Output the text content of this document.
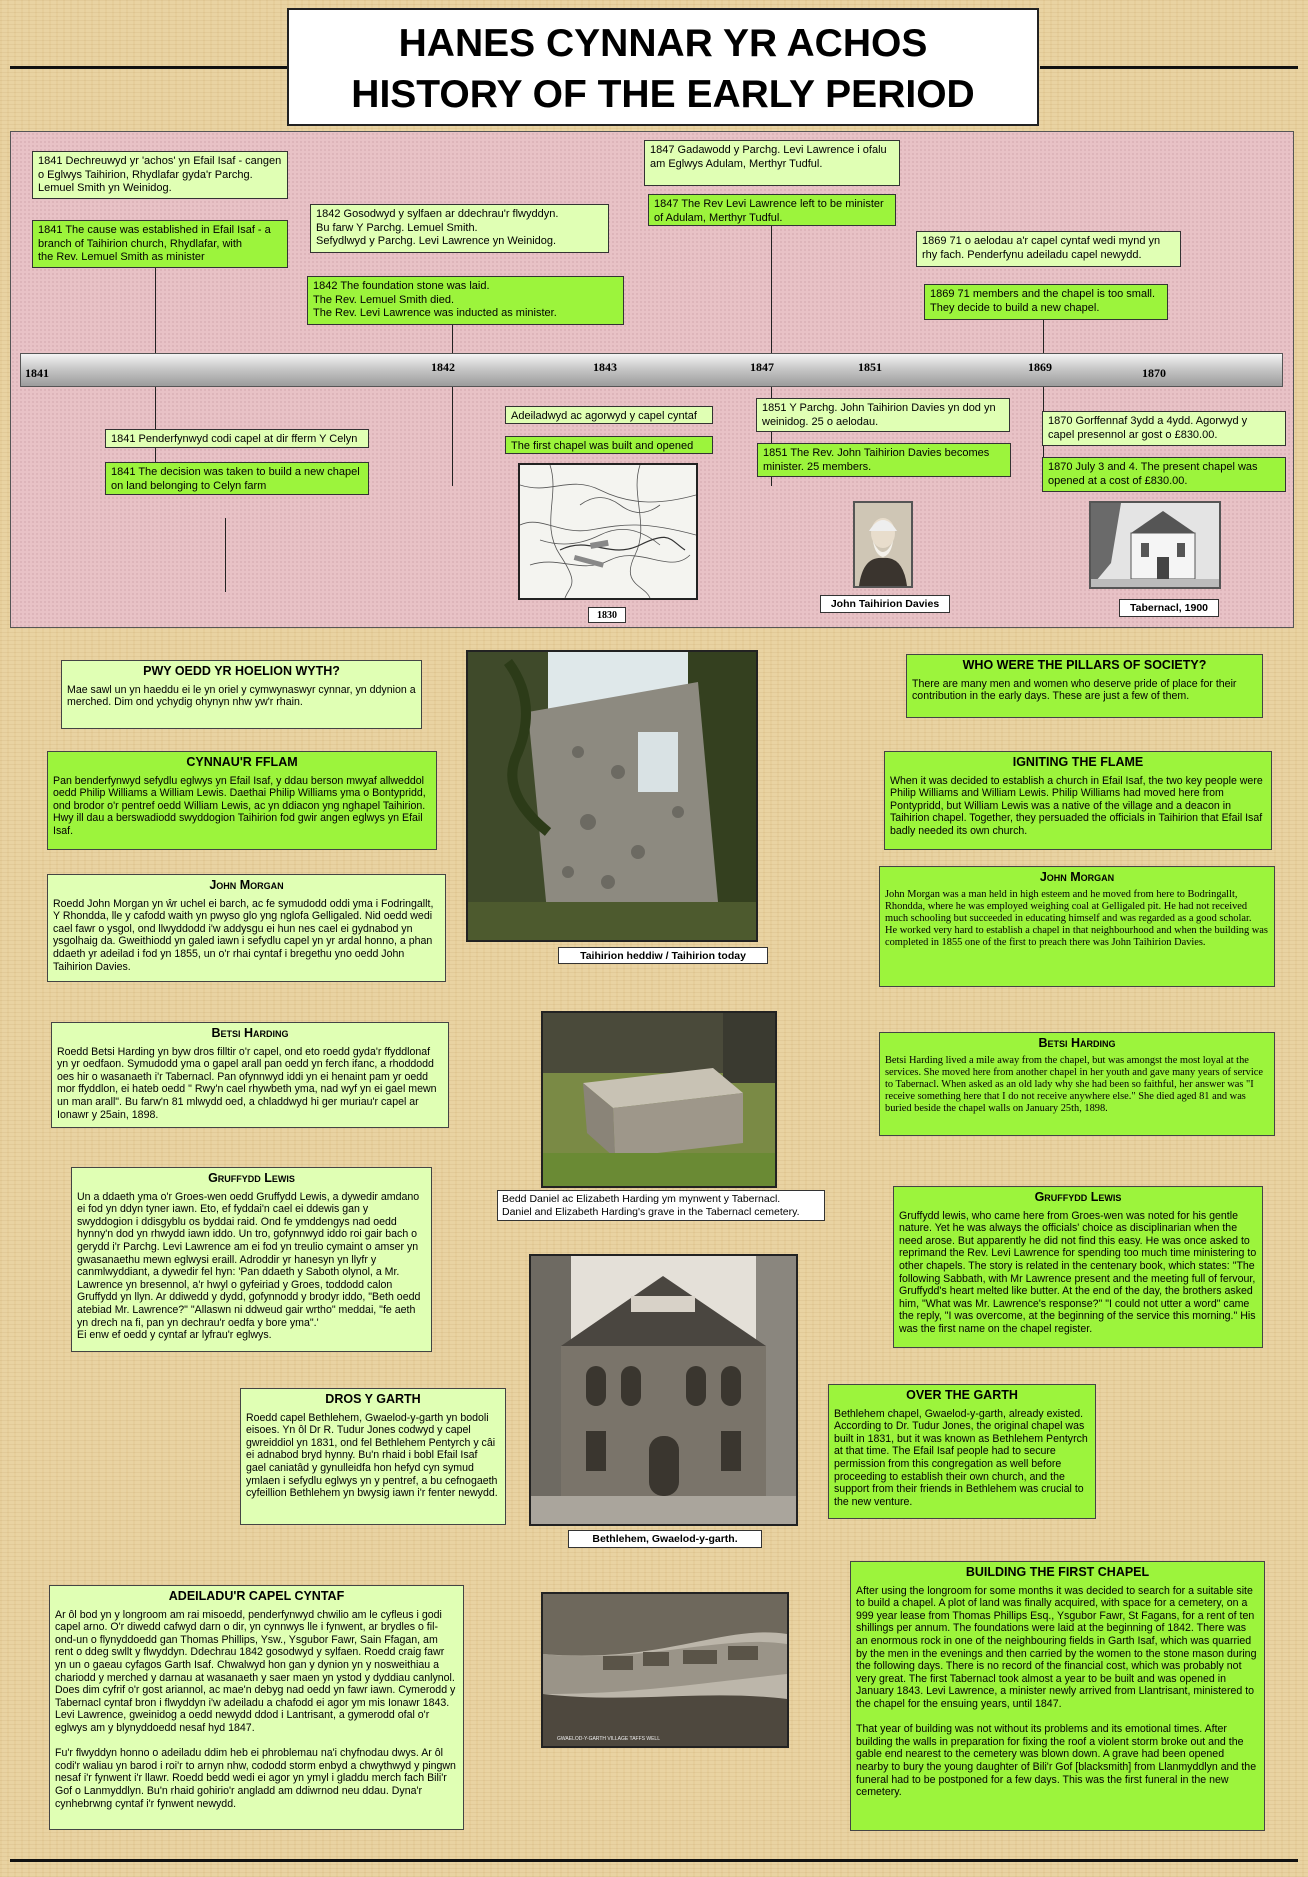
HANES CYNNAR YR ACHOS
HISTORY OF THE EARLY PERIOD
1841 Dechreuwyd yr 'achos' yn Efail Isaf - cangen
o Eglwys Taihirion, Rhydlafar gyda'r Parchg.
Lemuel Smith yn Weinidog.
1841 The cause was established in Efail Isaf - a
branch of Taihirion church, Rhydlafar, with
the Rev. Lemuel Smith as minister
1842 Gosodwyd y sylfaen ar ddechrau'r flwyddyn.
Bu farw Y Parchg. Lemuel Smith.
Sefydlwyd y Parchg. Levi Lawrence yn Weinidog.
1842 The foundation stone was laid.
The Rev. Lemuel Smith died.
The Rev. Levi Lawrence was inducted as minister.
1847 Gadawodd y Parchg. Levi Lawrence i ofalu
am Eglwys Adulam, Merthyr Tudful.
1847 The Rev Levi Lawrence left to be minister
of Adulam, Merthyr Tudful.
1869 71 o aelodau a'r capel cyntaf wedi mynd yn
rhy fach. Penderfynu adeiladu capel newydd.
1869 71 members and the chapel is too small.
They decide to build a new chapel.
1841	1842	1843	1847	1851	1869	1870
1841 Penderfynwyd codi capel at dir fferm Y Celyn
1841 The decision was taken to build a new chapel
on land belonging to Celyn farm
Adeiladwyd ac agorwyd y capel cyntaf
The first chapel was built and opened
1851 Y Parchg. John Taihirion Davies yn dod yn
weinidog. 25 o aelodau.
1851 The Rev. John Taihirion Davies becomes
minister. 25 members.
1870 Gorffennaf 3ydd a 4ydd. Agorwyd y
capel presennol ar gost o £830.00.
1870 July 3 and 4. The present chapel was
opened at a cost of £830.00.
1830
John Taihirion Davies	Tabernacl, 1900
Taihirion heddiw / Taihirion today
Bedd Daniel ac Elizabeth Harding ym mynwent y Tabernacl.
Daniel and Elizabeth Harding's grave in the Tabernacl cemetery.
Bethlehem, Gwaelod-y-garth.
GWAELOD-Y-GARTH VILLAGE TAFFS WELL
PWY OEDD YR HOELION WYTH?

Mae sawl un yn haeddu ei le yn oriel y cymwynaswyr cynnar, yn ddynion a merched. Dim ond ychydig ohynyn nhw yw'r rhain.

CYNNAU'R FFLAM

Pan benderfynwyd sefydlu eglwys yn Efail Isaf, y ddau berson mwyaf allweddol oedd Philip Williams a William Lewis. Daethai Philip Williams yma o Bontypridd, ond brodor o'r pentref oedd William Lewis, ac yn ddiacon yng nghapel Taihirion. Hwy ill dau a berswadiodd swyddogion Taihirion fod gwir angen eglwys yn Efail Isaf.

John Morgan

Roedd John Morgan yn ŵr uchel ei barch, ac fe symudodd oddi yma i Fodringallt, Y Rhondda, lle y cafodd waith yn pwyso glo yng nglofa Gelligaled. Nid oedd wedi cael fawr o ysgol, ond llwyddodd i'w addysgu ei hun nes cael ei gydnabod yn ysgolhaig da. Gweithiodd yn galed iawn i sefydlu capel yn yr ardal honno, a phan ddaeth yr adeilad i fod yn 1855, un o'r rhai cyntaf i bregethu yno oedd John Taihirion Davies.

Betsi Harding

Roedd Betsi Harding yn byw dros filltir o'r capel, ond eto roedd gyda'r ffyddlonaf yn yr oedfaon. Symudodd yma o gapel arall pan oedd yn ferch ifanc, a rhoddodd oes hir o wasanaeth i'r Tabernacl. Pan ofynnwyd iddi yn ei henaint pam yr oedd mor ffyddlon, ei hateb oedd " Rwy'n cael rhywbeth yma, nad wyf yn ei gael mewn un man arall". Bu farw'n 81 mlwydd oed, a chladdwyd hi ger muriau'r capel ar Ionawr y 25ain, 1898.

Gruffydd Lewis

Un a ddaeth yma o'r Groes-wen oedd Gruffydd Lewis, a dywedir amdano ei fod yn ddyn tyner iawn. Eto, ef fyddai'n cael ei ddewis gan y swyddogion i ddisgyblu os byddai raid. Ond fe ymddengys nad oedd hynny'n dod yn rhwydd iawn iddo. Un tro, gofynnwyd iddo roi gair bach o gerydd i'r Parchg. Levi Lawrence am ei fod yn treulio cymaint o amser yn gwasanaethu mewn eglwysi eraill. Adroddir yr hanesyn yn llyfr y canmlwyddiant, a dywedir fel hyn: 'Pan ddaeth y Saboth olynol, a Mr. Lawrence yn bresennol, a'r hwyl o gyfeiriad y Groes, toddodd calon Gruffydd yn llyn. Ar ddiwedd y dydd, gofynnodd y brodyr iddo, "Beth oedd atebiad Mr. Lawrence?" "Allaswn ni ddweud gair wrtho" meddai, "fe aeth yn drech na fi, pan yn dechrau'r oedfa y bore yma".'
Ei enw ef oedd y cyntaf ar lyfrau'r eglwys.

DROS Y GARTH

Roedd capel Bethlehem, Gwaelod-y-garth yn bodoli eisoes. Yn ôl Dr R. Tudur Jones codwyd y capel gwreiddiol yn 1831, ond fel Bethlehem Pentyrch y câi ei adnabod bryd hynny. Bu'n rhaid i bobl Efail Isaf gael caniatâd y gynulleidfa hon hefyd cyn symud ymlaen i sefydlu eglwys yn y pentref, a bu cefnogaeth cyfeillion Bethlehem yn bwysig iawn i'r fenter newydd.

ADEILADU'R CAPEL CYNTAF

Ar ôl bod yn y longroom am rai misoedd, penderfynwyd chwilio am le cyfleus i godi capel arno. O'r diwedd cafwyd darn o dir, yn cynnwys lle i fynwent, ar brydles o fil-ond-un o flynyddoedd gan Thomas Phillips, Ysw., Ysgubor Fawr, Sain Ffagan, am rent o ddeg swllt y flwyddyn. Ddechrau 1842 gosodwyd y sylfaen. Roedd craig fawr yn un o gaeau cyfagos Garth Isaf. Chwalwyd hon gan y dynion yn y nosweithiau a chariodd y merched y darnau at wasanaeth y saer maen yn ystod y dyddiau canlynol. Does dim cyfrif o'r gost ariannol, ac mae'n debyg nad oedd yn fawr iawn. Cymerodd y Tabernacl cyntaf bron i flwyddyn i'w adeiladu a chafodd ei agor ym mis Ionawr 1843. Levi Lawrence, gweinidog a oedd newydd ddod i Lantrisant, a gymerodd ofal o'r eglwys am y blynyddoedd nesaf hyd 1847.

Fu'r flwyddyn honno o adeiladu ddim heb ei phroblemau na'i chyfnodau dwys. Ar ôl codi'r waliau yn barod i roi'r to arnyn nhw, cododd storm enbyd a chwythwyd y pingwn nesaf i'r fynwent i'r llawr. Roedd bedd wedi ei agor yn ymyl i gladdu merch fach Bili'r Gof o Lanmyddlyn. Bu'n rhaid gohirio'r angladd am ddiwrnod neu ddau. Dyna'r cynhebrwng cyntaf i'r fynwent newydd.

WHO WERE THE PILLARS OF SOCIETY?

There are many men and women who deserve pride of place for their contribution in the early days. These are just a few of them.

IGNITING THE FLAME

When it was decided to establish a church in Efail Isaf, the two key people were Philip Williams and William Lewis. Philip Williams had moved here from Pontypridd, but William Lewis was a native of the village and a deacon in Taihirion chapel. Together, they persuaded the officials in Taihirion that Efail Isaf badly needed its own church.

John Morgan

John Morgan was a man held in high esteem and he moved from here to Bodringallt, Rhondda, where he was employed weighing coal at Gelligaled pit. He had not received much schooling but succeeded in educating himself and was regarded as a good scholar.
He worked very hard to establish a chapel in that neighbourhood and when the building was completed in 1855 one of the first to preach there was John Taihirion Davies.

Betsi Harding

Betsi Harding lived a mile away from the chapel, but was amongst the most loyal at the services. She moved here from another chapel in her youth and gave many years of service to Tabernacl. When asked as an old lady why she had been so faithful, her answer was "I receive something here that I do not receive anywhere else." She died aged 81 and was buried beside the chapel walls on January 25th, 1898.

Gruffydd Lewis

Gruffydd lewis, who came here from Groes-wen was noted for his gentle nature. Yet he was always the officials' choice as disciplinarian when the need arose. But apparently he did not find this easy. He was once asked to reprimand the Rev. Levi Lawrence for spending too much time ministering to other chapels. The story is related in the centenary book, which states: "The following Sabbath, with Mr Lawrence present and the meeting full of fervour, Gruffydd's heart melted like butter. At the end of the day, the brothers asked him, "What was Mr. Lawrence's response?" "I could not utter a word" came the reply, "I was overcome, at the beginning of the service this morning." His was the first name on the chapel register.

OVER THE GARTH

Bethlehem chapel, Gwaelod-y-garth, already existed. According to Dr. Tudur Jones, the original chapel was built in 1831, but it was known as Bethlehem Pentyrch at that time. The Efail Isaf people had to secure permission from this congregation as well before proceeding to establish their own church, and the support from their friends in Bethlehem was crucial to the new venture.

BUILDING THE FIRST CHAPEL

After using the longroom for some months it was decided to search for a suitable site to build a chapel. A plot of land was finally acquired, with space for a cemetery, on a 999 year lease from Thomas Phillips Esq., Ysgubor Fawr, St Fagans, for a rent of ten shillings per annum. The foundations were laid at the beginning of 1842. There was an enormous rock in one of the neighbouring fields in Garth Isaf, which was quarried by the men in the evenings and then carried by the women to the stone mason during the following days. There is no record of the financial cost, which was probably not very great. The first Tabernacl took almost a year to be built and was opened in January 1843. Levi Lawrence, a minister newly arrived from Llantrisant, ministered to the chapel for the ensuing years, until 1847.

That year of building was not without its problems and its emotional times. After building the walls in preparation for fixing the roof a violent storm broke out and the gable end nearest to the cemetery was blown down. A grave had been opened nearby to bury the young daughter of Bili'r Gof [blacksmith] from Llanmyddlyn and the funeral had to be postponed for a few days. This was the first funeral in the new cemetery.
